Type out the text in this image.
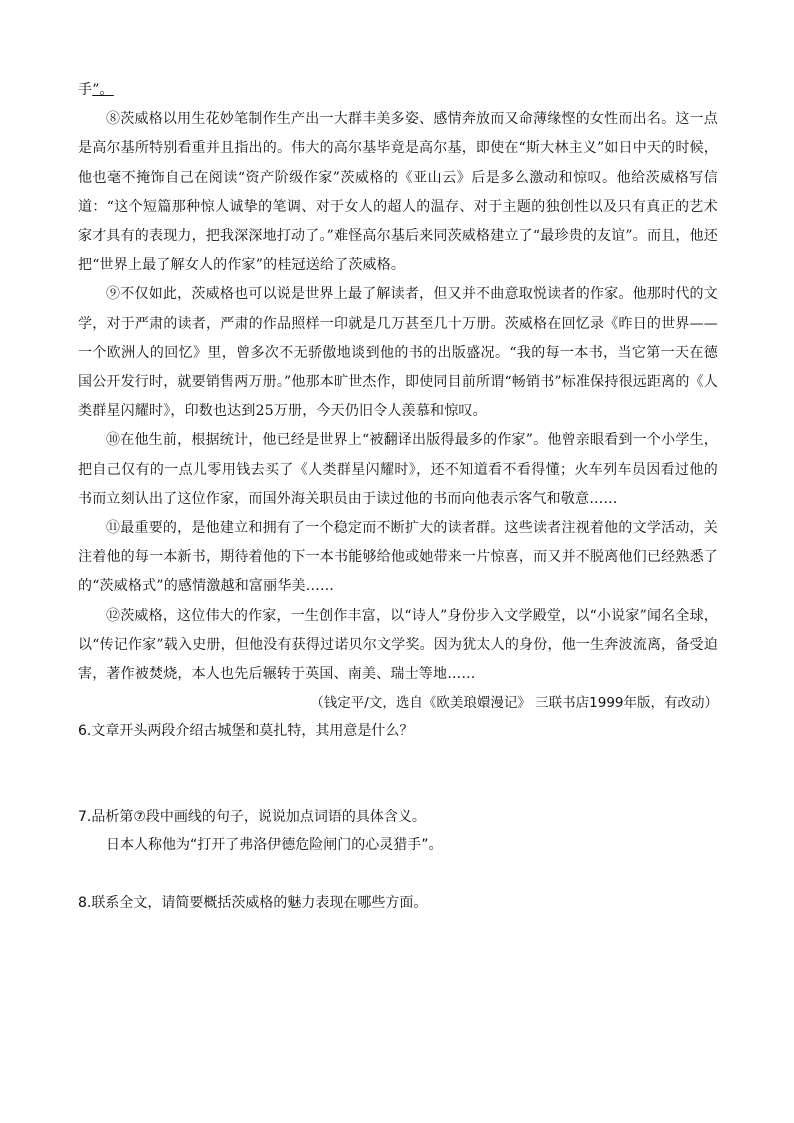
手”。

⑧茨威格以用生花妙笔制作生产出一大群丰美多姿、感情奔放而又命薄缘悭的女性而出名。这一点是高尔基所特别看重并且指出的。伟大的高尔基毕竟是高尔基，即使在“斯大林主义”如日中天的时候，他也毫不掩饰自己在阅读“资产阶级作家”茨威格的《亚山云》后是多么激动和惊叹。他给茨威格写信道：“这个短篇那种惊人诚挚的笔调、对于女人的超人的温存、对于主题的独创性以及只有真正的艺术家才具有的表现力，把我深深地打动了。”难怪高尔基后来同茨威格建立了“最珍贵的友谊”。而且，他还把“世界上最了解女人的作家”的桂冠送给了茨威格。

⑨不仅如此，茨威格也可以说是世界上最了解读者，但又并不曲意取悦读者的作家。他那时代的文学，对于严肃的读者，严肃的作品照样一印就是几万甚至几十万册。茨威格在回忆录《昨日的世界——一个欧洲人的回忆》里，曾多次不无骄傲地谈到他的书的出版盛况。“我的每一本书，当它第一天在德国公开发行时，就要销售两万册。”他那本旷世杰作，即使同目前所谓“畅销书”标准保持很远距离的《人类群星闪耀时》，印数也达到25万册，今天仍旧令人羡慕和惊叹。

⑩在他生前，根据统计，他已经是世界上“被翻译出版得最多的作家”。他曾亲眼看到一个小学生，把自己仅有的一点儿零用钱去买了《人类群星闪耀时》，还不知道看不看得懂；火车列车员因看过他的书而立刻认出了这位作家，而国外海关职员由于读过他的书而向他表示客气和敬意……

⑪最重要的，是他建立和拥有了一个稳定而不断扩大的读者群。这些读者注视着他的文学活动，关注着他的每一本新书，期待着他的下一本书能够给他或她带来一片惊喜，而又并不脱离他们已经熟悉了的“茨威格式”的感情激越和富丽华美……

⑫茨威格，这位伟大的作家，一生创作丰富，以“诗人”身份步入文学殿堂，以“小说家”闻名全球，以“传记作家”载入史册，但他没有获得过诺贝尔文学奖。因为犹太人的身份，他一生奔波流离，备受迫害，著作被焚烧，本人也先后辗转于英国、南美、瑞士等地……

（钱定平/文，选自《欧美琅嬛漫记》 三联书店1999年版，有改动）

6.文章开头两段介绍古城堡和莫扎特，其用意是什么？

7.品析第⑦段中画线的句子，说说加点词语的具体含义。

日本人称他为“打开了弗洛伊德危险闸门的心灵猎手”。

8.联系全文，请简要概括茨威格的魅力表现在哪些方面。
